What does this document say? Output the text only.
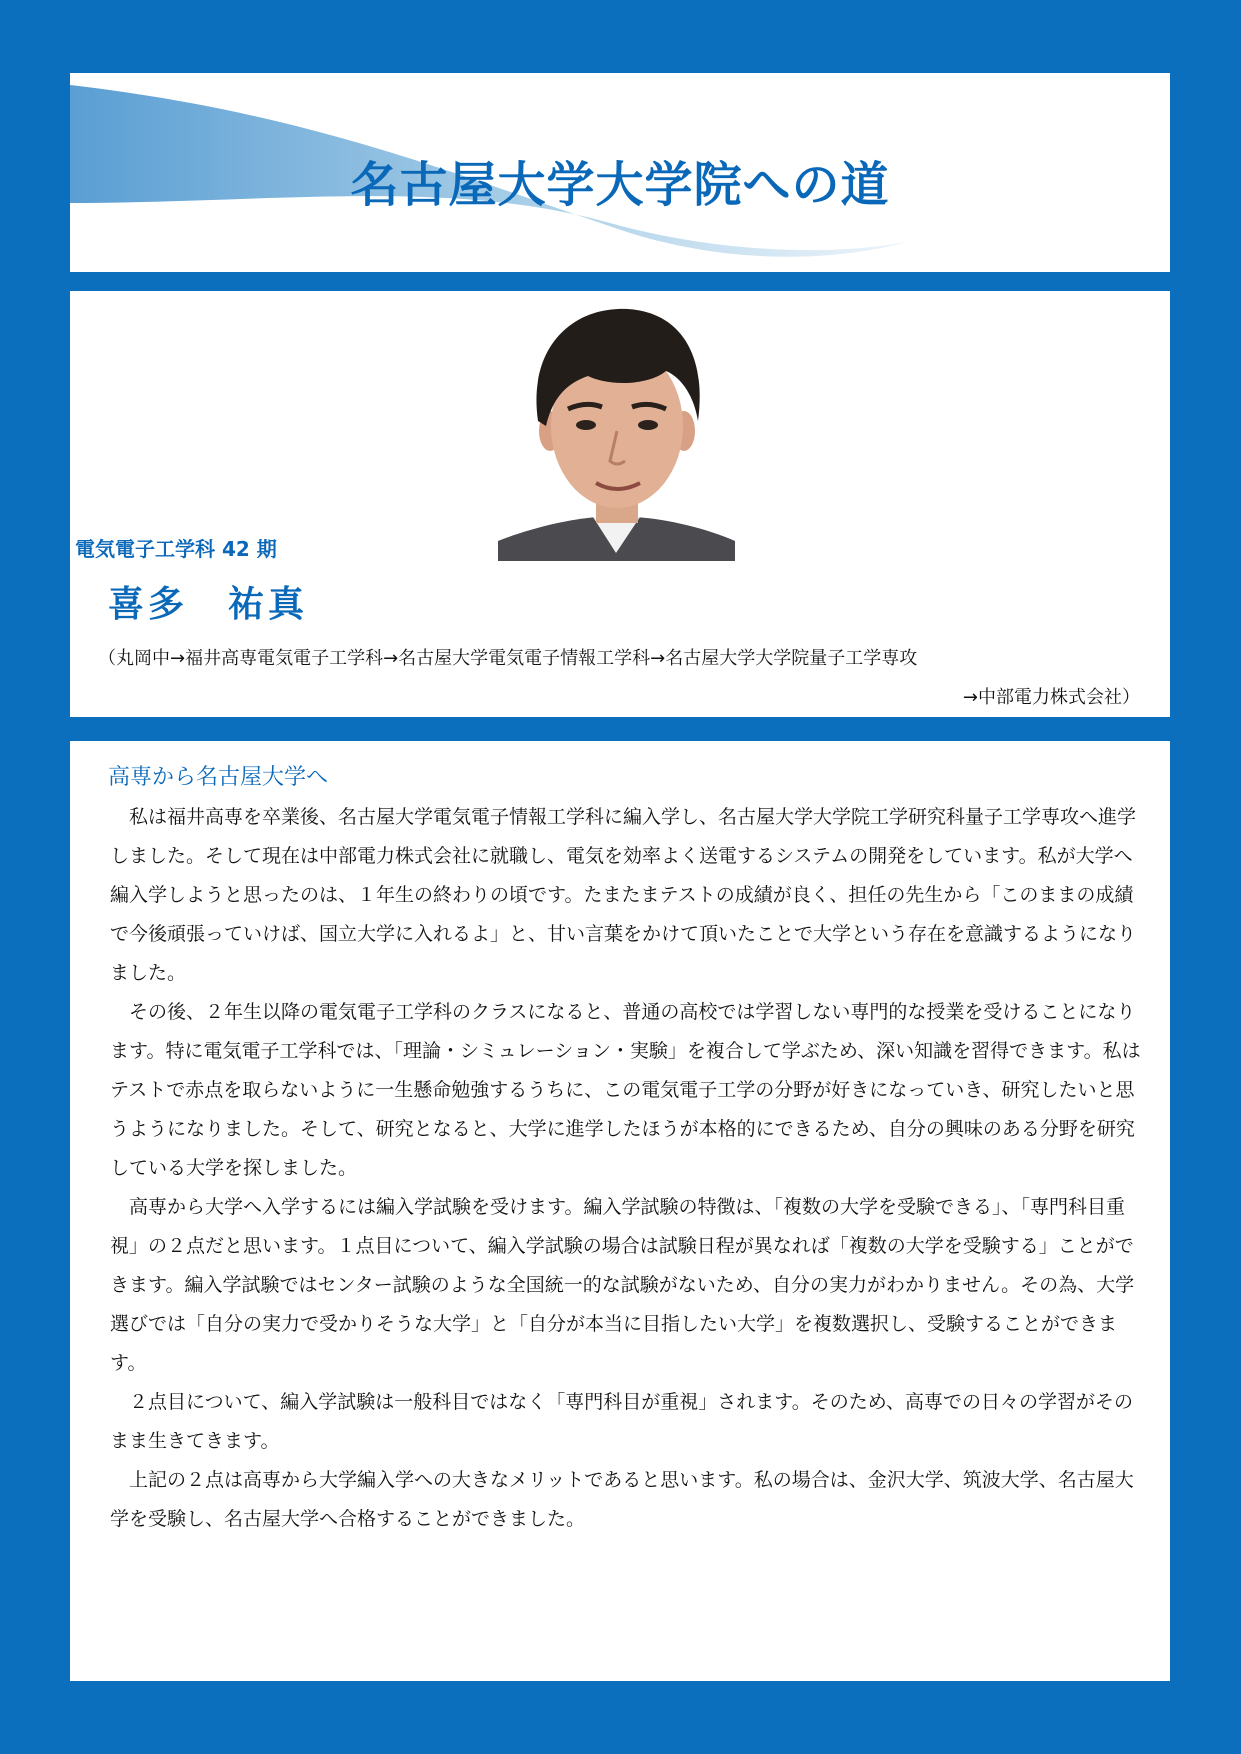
名古屋大学大学院への道
電気電子工学科 42 期
喜多　祐真
（丸岡中→福井高専電気電子工学科→名古屋大学電気電子情報工学科→名古屋大学大学院量子工学専攻
→中部電力株式会社）
高専から名古屋大学へ

私は福井高専を卒業後、名古屋大学電気電子情報工学科に編入学し、名古屋大学大学院工学研究科量子工学専攻へ進学しました。そして現在は中部電力株式会社に就職し、電気を効率よく送電するシステムの開発をしています。私が大学へ編入学しようと思ったのは、１年生の終わりの頃です。たまたまテストの成績が良く、担任の先生から「このままの成績で今後頑張っていけば、国立大学に入れるよ」と、甘い言葉をかけて頂いたことで大学という存在を意識するようになりました。

その後、２年生以降の電気電子工学科のクラスになると、普通の高校では学習しない専門的な授業を受けることになります。特に電気電子工学科では、「理論・シミュレーション・実験」を複合して学ぶため、深い知識を習得できます。私はテストで赤点を取らないように一生懸命勉強するうちに、この電気電子工学の分野が好きになっていき、研究したいと思うようになりました。そして、研究となると、大学に進学したほうが本格的にできるため、自分の興味のある分野を研究している大学を探しました。

高専から大学へ入学するには編入学試験を受けます。編入学試験の特徴は、「複数の大学を受験できる」、「専門科目重視」の２点だと思います。１点目について、編入学試験の場合は試験日程が異なれば「複数の大学を受験する」ことができます。編入学試験ではセンター試験のような全国統一的な試験がないため、自分の実力がわかりません。その為、大学選びでは「自分の実力で受かりそうな大学」と「自分が本当に目指したい大学」を複数選択し、受験することができます。

２点目について、編入学試験は一般科目ではなく「専門科目が重視」されます。そのため、高専での日々の学習がそのまま生きてきます。

上記の２点は高専から大学編入学への大きなメリットであると思います。私の場合は、金沢大学、筑波大学、名古屋大学を受験し、名古屋大学へ合格することができました。
